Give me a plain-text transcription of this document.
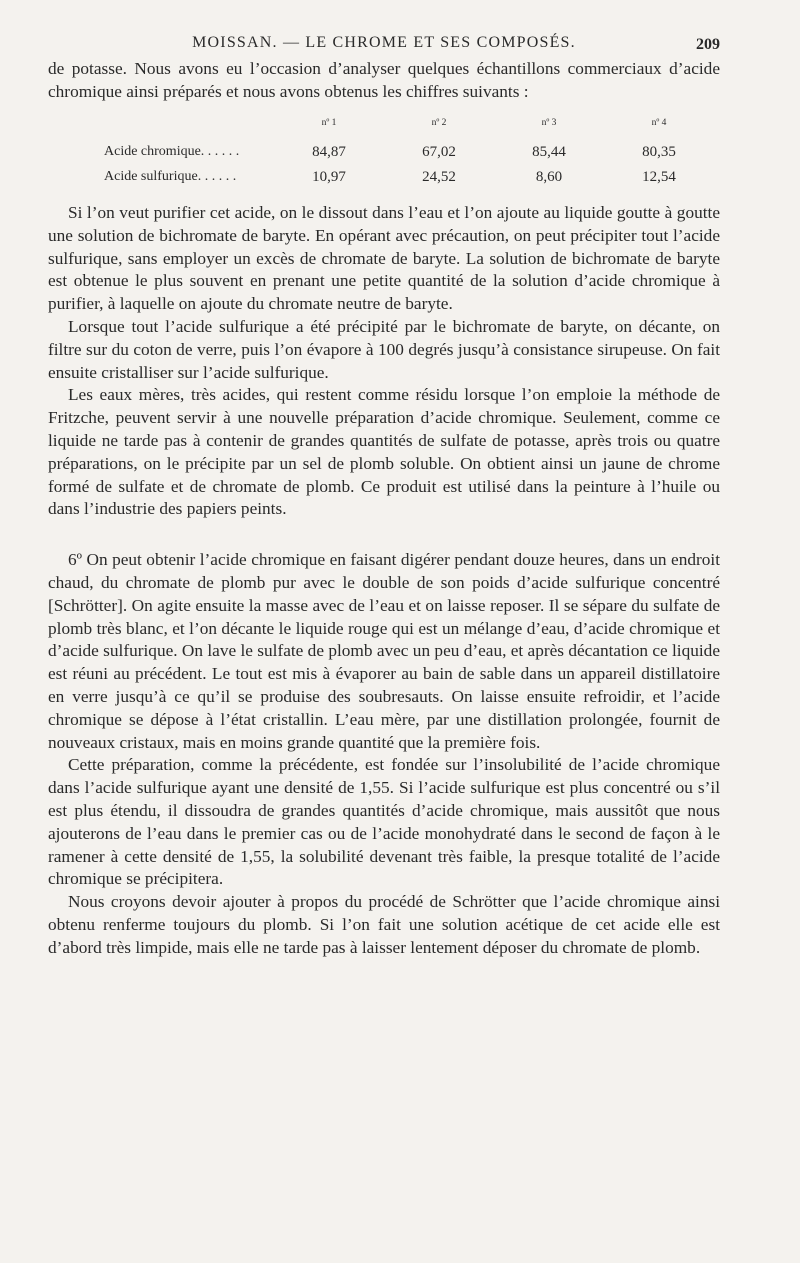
MOISSAN. — LE CHROME ET SES COMPOSÉS.	209

de potasse. Nous avons eu l’occasion d’analyser quelques échantillons commerciaux d’acide chromique ainsi préparés et nous avons obtenus les chiffres suivants :

	nº 1	nº 2	nº 3	nº 4
Acide chromique. . . . . .	84,87	67,02	85,44	80,35
Acide sulfurique. . . . . .	10,97	24,52	8,60	12,54

Si l’on veut purifier cet acide, on le dissout dans l’eau et l’on ajoute au liquide goutte à goutte une solution de bichromate de baryte. En opérant avec précaution, on peut précipiter tout l’acide sulfurique, sans employer un excès de chromate de baryte. La solution de bichromate de baryte est obtenue le plus souvent en prenant une petite quantité de la solution d’acide chromique à purifier, à laquelle on ajoute du chromate neutre de baryte.

Lorsque tout l’acide sulfurique a été précipité par le bichromate de baryte, on décante, on filtre sur du coton de verre, puis l’on évapore à 100 degrés jusqu’à consistance sirupeuse. On fait ensuite cristalliser sur l’acide sulfurique.

Les eaux mères, très acides, qui restent comme résidu lorsque l’on emploie la méthode de Fritzche, peuvent servir à une nouvelle préparation d’acide chromique. Seulement, comme ce liquide ne tarde pas à contenir de grandes quantités de sulfate de potasse, après trois ou quatre préparations, on le précipite par un sel de plomb soluble. On obtient ainsi un jaune de chrome formé de sulfate et de chromate de plomb. Ce produit est utilisé dans la peinture à l’huile ou dans l’industrie des papiers peints.

6º On peut obtenir l’acide chromique en faisant digérer pendant douze heures, dans un endroit chaud, du chromate de plomb pur avec le double de son poids d’acide sulfurique concentré [Schrötter]. On agite ensuite la masse avec de l’eau et on laisse reposer. Il se sépare du sulfate de plomb très blanc, et l’on décante le liquide rouge qui est un mélange d’eau, d’acide chromique et d’acide sulfurique. On lave le sulfate de plomb avec un peu d’eau, et après décantation ce liquide est réuni au précédent. Le tout est mis à évaporer au bain de sable dans un appareil distillatoire en verre jusqu’à ce qu’il se produise des soubresauts. On laisse ensuite refroidir, et l’acide chromique se dépose à l’état cristallin. L’eau mère, par une distillation prolongée, fournit de nouveaux cristaux, mais en moins grande quantité que la première fois.

Cette préparation, comme la précédente, est fondée sur l’insolubilité de l’acide chromique dans l’acide sulfurique ayant une densité de 1,55. Si l’acide sulfurique est plus concentré ou s’il est plus étendu, il dissoudra de grandes quantités d’acide chromique, mais aussitôt que nous ajouterons de l’eau dans le premier cas ou de l’acide monohydraté dans le second de façon à le ramener à cette densité de 1,55, la solubilité devenant très faible, la presque totalité de l’acide chromique se précipitera.

Nous croyons devoir ajouter à propos du procédé de Schrötter que l’acide chromique ainsi obtenu renferme toujours du plomb. Si l’on fait une solution acétique de cet acide elle est d’abord très limpide, mais elle ne tarde pas à laisser lentement déposer du chromate de plomb.
